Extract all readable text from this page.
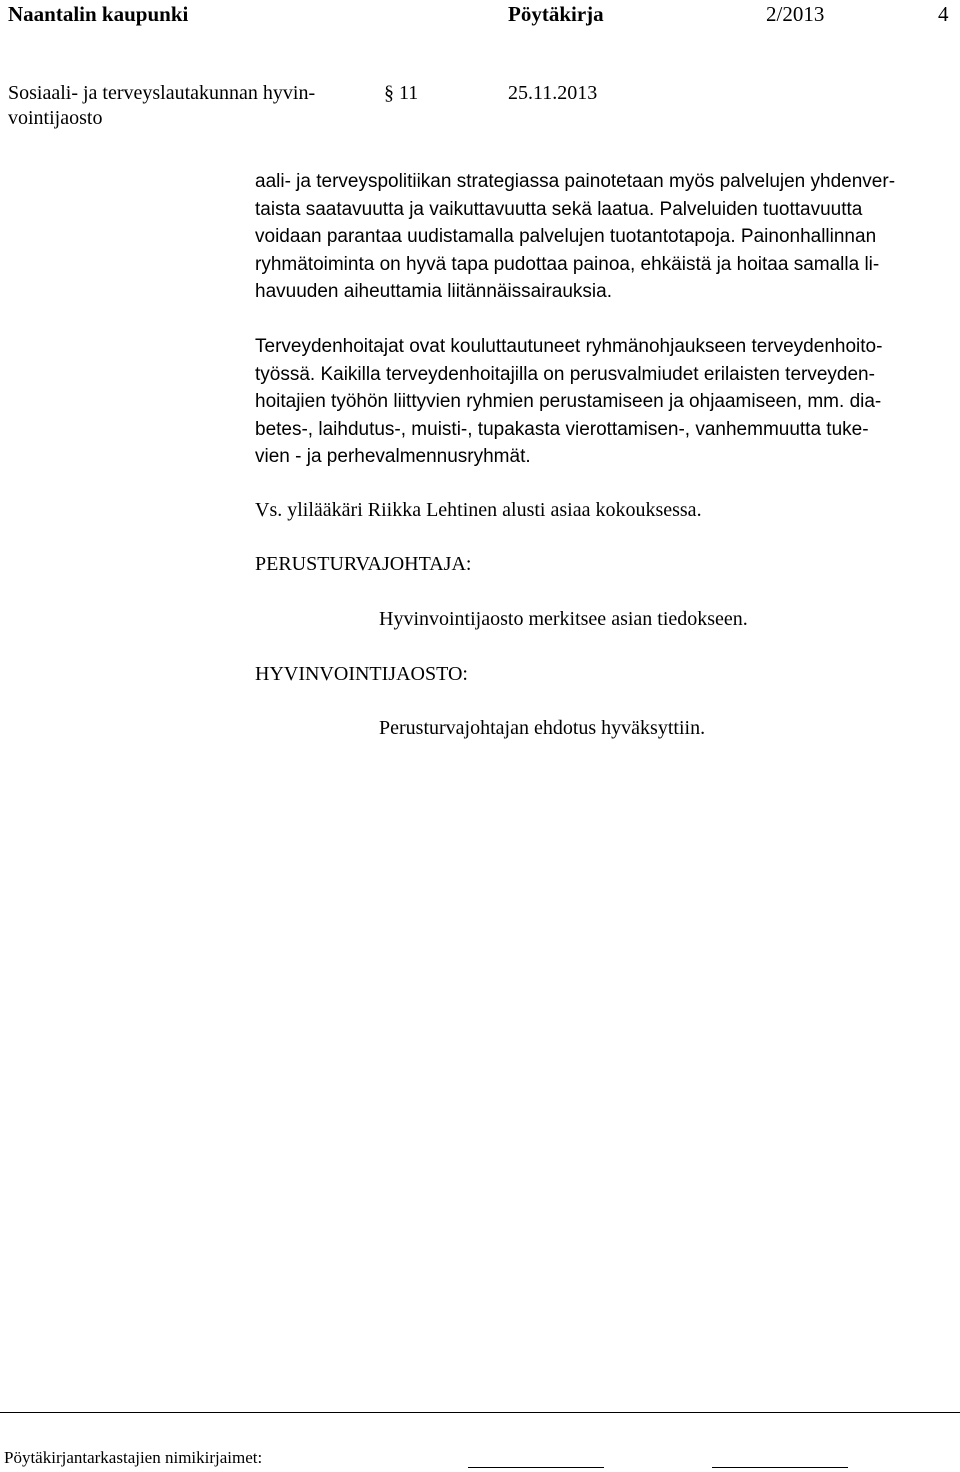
Naantalin kaupunki	Pöytäkirja	2/2013	4
Sosiaali- ja terveyslautakunnan hyvin-
vointijaosto
§ 11	25.11.2013
aali- ja terveyspolitiikan strategiassa painotetaan myös palvelujen yhdenver-
taista saatavuutta ja vaikuttavuutta sekä laatua. Palveluiden tuottavuutta
voidaan parantaa uudistamalla palvelujen tuotantotapoja. Painonhallinnan
ryhmätoiminta on hyvä tapa pudottaa painoa, ehkäistä ja hoitaa samalla li-
havuuden aiheuttamia liitännäissairauksia.
Terveydenhoitajat ovat kouluttautuneet ryhmänohjaukseen terveydenhoito-
työssä. Kaikilla terveydenhoitajilla on perusvalmiudet erilaisten terveyden-
hoitajien työhön liittyvien ryhmien perustamiseen ja ohjaamiseen, mm. dia-
betes-, laihdutus-, muisti-, tupakasta vierottamisen-, vanhemmuutta tuke-
vien - ja perhevalmennusryhmät.
Vs. ylilääkäri Riikka Lehtinen alusti asiaa kokouksessa.
PERUSTURVAJOHTAJA:
Hyvinvointijaosto merkitsee asian tiedokseen.
HYVINVOINTIJAOSTO:
Perusturvajohtajan ehdotus hyväksyttiin.
Pöytäkirjantarkastajien nimikirjaimet:
